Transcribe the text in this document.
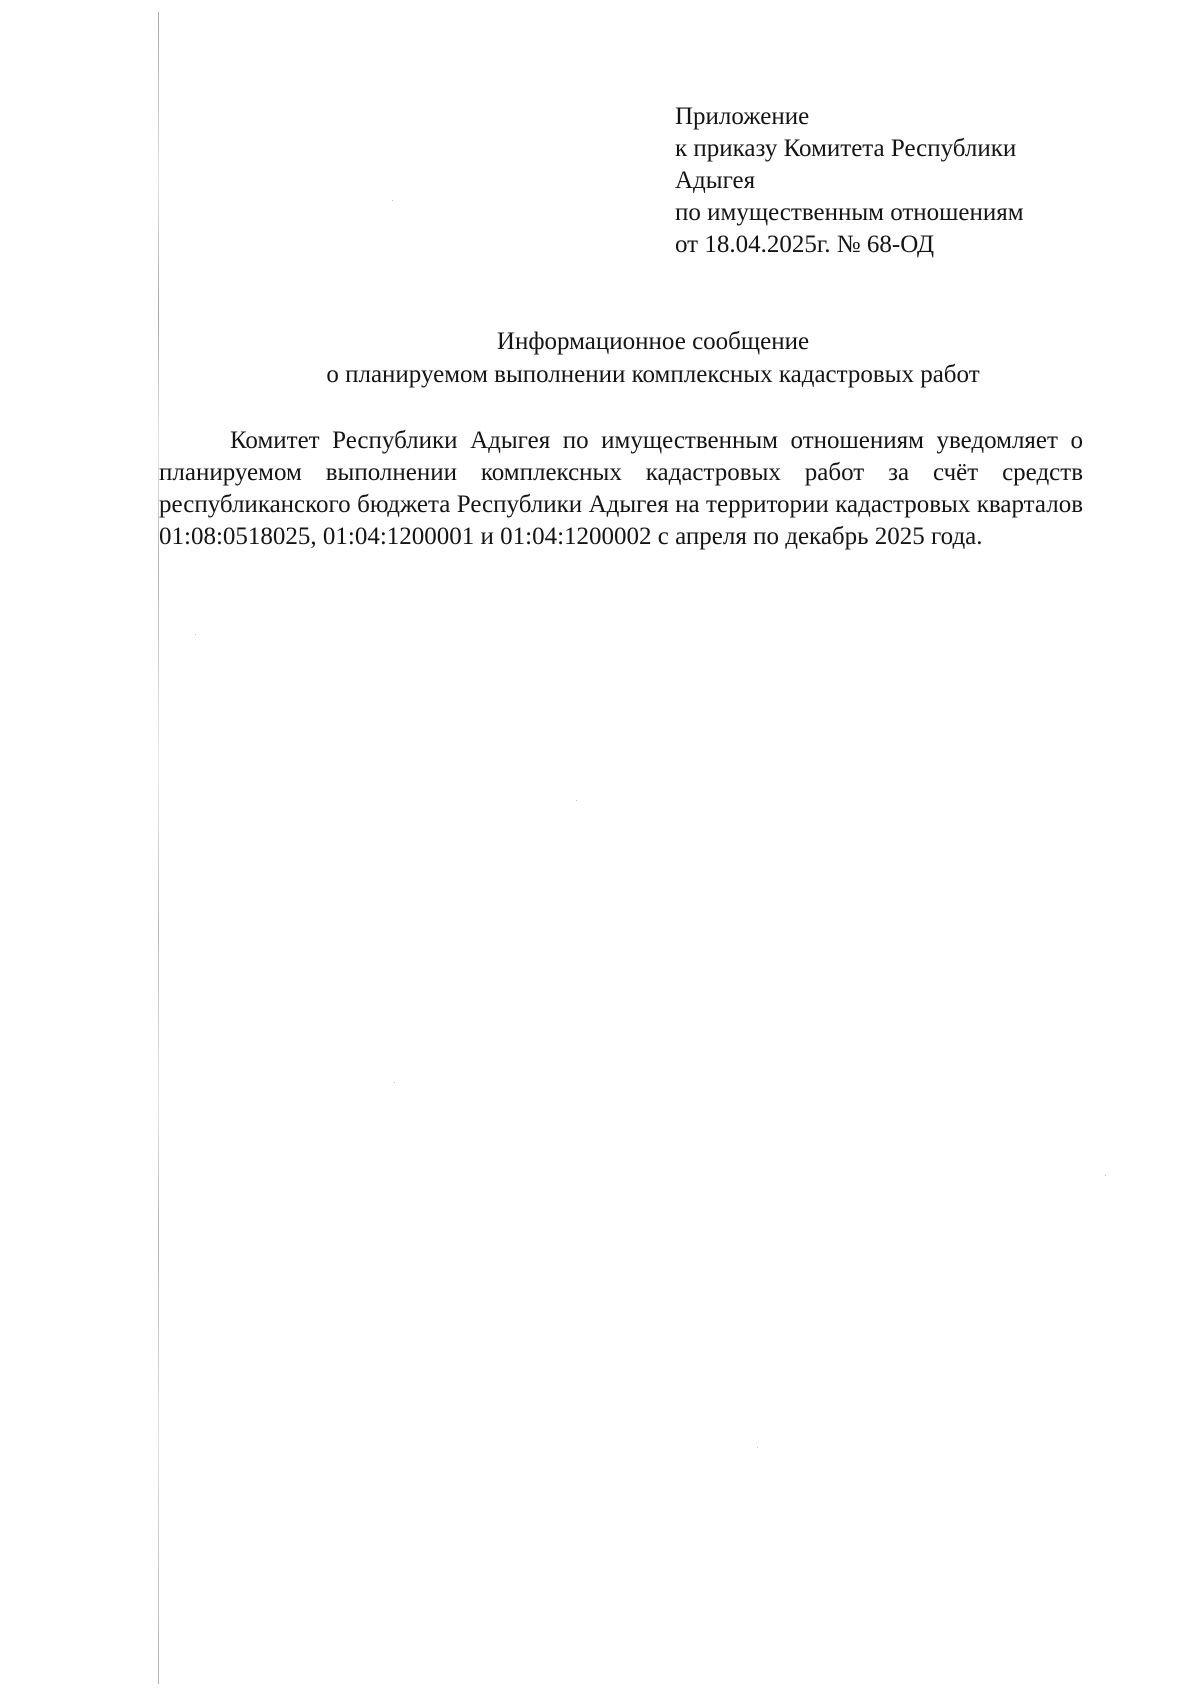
Приложение
к приказу Комитета Республики
Адыгея
по имущественным отношениям
от 18.04.2025г. № 68-ОД
Информационное сообщение
о планируемом выполнении комплексных кадастровых работ

Комитет Республики Адыгея по имущественным отношениям уведомляет о планируемом выполнении комплексных кадастровых работ за счёт средств республиканского бюджета Республики Адыгея на территории кадастровых кварталов 01:08:0518025, 01:04:1200001 и 01:04:1200002 с апреля по декабрь 2025 года.
